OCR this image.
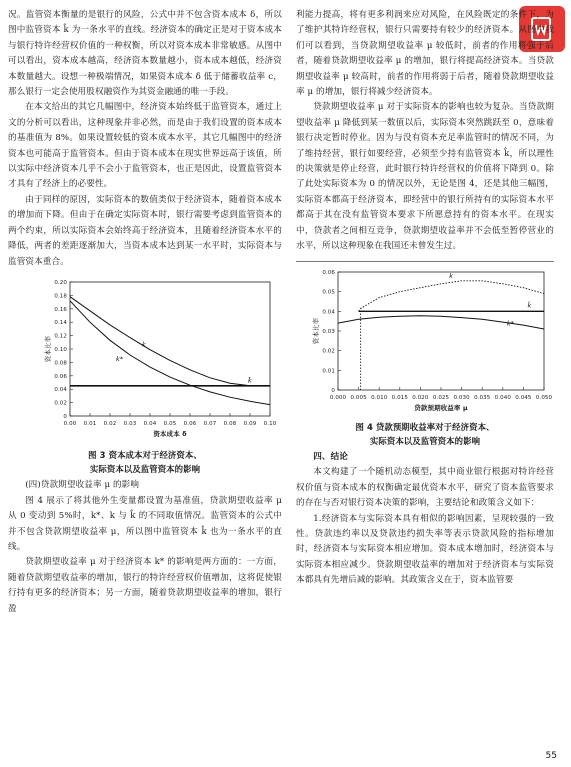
况。监管资本衡量的是银行的风险，公式中并不包含资本成本 δ，所以图中监管资本 k̂ 为一条水平的直线。经济资本的确定正是对于资本成本与银行特许经营权价值的一种权衡，所以对资本成本非常敏感。从图中可以看出，资本成本越高，经济资本数量越小，资本成本越低，经济资本数量越大。设想一种极端情况，如果资本成本 δ 低于储蓄收益率 c，那么银行一定会使用股权融资作为其资金融通的唯一手段。

在本文给出的其它几幅图中，经济资本始终低于监管资本，通过上文的分析可以看出，这种现象并非必然，而是由于我们设置的资本成本的基准值为 8%。如果设置较低的资本成本水平，其它几幅图中的经济资本也可能高于监管资本。但由于资本成本在现实世界远高于该值，所以实际中经济资本几乎不会小于监管资本，也正是因此，设置监管资本才具有了经济上的必要性。

由于同样的原因，实际资本的数值类似于经济资本，随着资本成本的增加而下降。但由于在确定实际资本时，银行需要考虑到监管资本的两个约束，所以实际资本会始终高于经济资本，且随着经济资本水平的降低，两者的差距逐渐加大，当资本成本达到某一水平时，实际资本与监管资本重合。

0.00 0.01 0.02 0.03 0.04 0.05 0.06 0.07 0.08 0.09 0.10
0
0.02
0.04
0.06
0.08
0.10
0.12
0.14
0.16
0.18
0.20
资本成本 δ
资本比率
k̂
k
k*
图 3 资本成本对于经济资本、
实际资本以及监管资本的影响

(四)贷款期望收益率 μ 的影响

图 4 展示了将其他外生变量都设置为基准值，贷款期望收益率 μ 从 0 变动到 5%时，k*、k 与 k̂ 的不同取值情况。监管资本的公式中并不包含贷款期望收益率 μ，所以图中监管资本 k̂ 也为一条水平的直线。

贷款期望收益率 μ 对于经济资本 k* 的影响是两方面的：一方面，随着贷款期望收益率的增加，银行的特许经营权价值增加，这将促使银行持有更多的经济资本；另一方面，随着贷款期望收益率的增加，银行盈

利能力提高，将有更多利润来应对风险，在风险既定的条件下，为了维护其特许经营权，银行只需要持有较少的经济资本。从图中我们可以看到，当贷款期望收益率 μ 较低时，前者的作用将强于后者，随着贷款期望收益率 μ 的增加，银行将提高经济资本。当贷款期望收益率 μ 较高时，前者的作用将弱于后者，随着贷款期望收益率 μ 的增加，银行将减少经济资本。

贷款期望收益率 μ 对于实际资本的影响也较为复杂。当贷款期望收益率 μ 降低到某一数值以后，实际资本突然跳跃至 0，意味着银行决定暂时停业。因为与没有资本充足率监管时的情况不同，为了维持经营，银行如要经营，必须至少持有监管资本 k̂，所以理性的决策就是停止经营，此时银行特许经营权的价值将下降到 0。除了此处实际资本为 0 的情况以外，无论是图 4，还是其他三幅图，实际资本都高于经济资本，即经营中的银行所持有的实际资本水平都高于其在没有监管资本要求下所愿意持有的资本水平。在现实中，贷款者之间相互竞争，贷款期望收益率并不会低至暂停营业的水平，所以这种现象在我国还未曾发生过。

0.000 0.005 0.010 0.015 0.020 0.025 0.030 0.035 0.040 0.045 0.050
0
0.01
0.02
0.03
0.04
0.05
0.06
贷款预期收益率 μ
资本比率
k̂
k
k*
图 4 贷款预期收益率对于经济资本、
实际资本以及监管资本的影响

四、结论

本文构建了一个随机动态模型，其中商业银行根据对特许经营权价值与资本成本的权衡确定最优资本水平，研究了资本监管要求的存在与否对银行资本决策的影响，主要结论和政策含义如下：

1.经济资本与实际资本具有相似的影响因素，呈现较强的一致性。贷款违约率以及贷款违约损失率等表示贷款风险的指标增加时，经济资本与实际资本相应增加。资本成本增加时，经济资本与实际资本相应减少。贷款期望收益率的增加对于经济资本与实际资本都具有先增后减的影响。其政策含义在于，资本监管要

55
